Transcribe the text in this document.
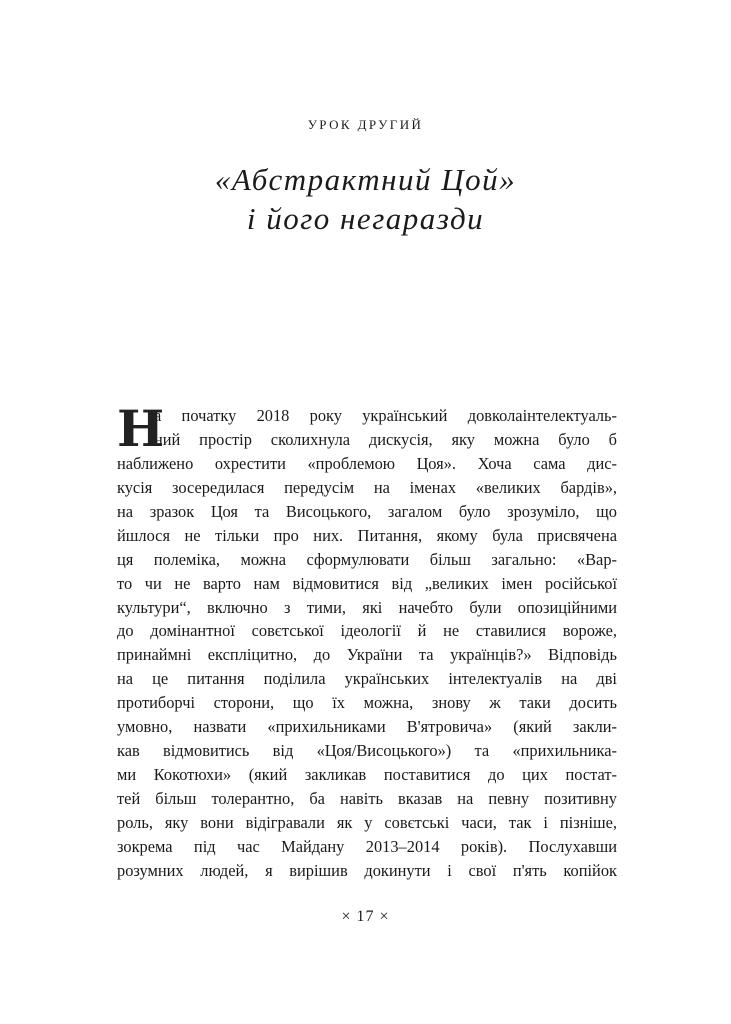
УРОК ДРУГИЙ
«Абстрактний Цой»
і його негаразди
Н
а початку 2018 року український довколаінтелектуаль-
ний простір сколихнула дискусія, яку можна було б
наближено охрестити «проблемою Цоя». Хоча сама дис-
кусія зосередилася передусім на іменах «великих бардів»,
на зразок Цоя та Висоцького, загалом було зрозуміло, що
йшлося не тільки про них. Питання, якому була присвячена
ця полеміка, можна сформулювати більш загально: «Вар-
то чи не варто нам відмовитися від „великих імен російської
культури“, включно з тими, які начебто були опозиційними
до домінантної совєтської ідеології й не ставилися вороже,
принаймні експліцитно, до України та українців?» Відповідь
на це питання поділила українських інтелектуалів на дві
протиборчі сторони, що їх можна, знову ж таки досить
умовно, назвати «прихильниками В'ятровича» (який закли-
кав відмовитись від «Цоя/Висоцького») та «прихильника-
ми Кокотюхи» (який закликав поставитися до цих постат-
тей більш толерантно, ба навіть вказав на певну позитивну
роль, яку вони відігравали як у совєтські часи, так і пізніше,
зокрема під час Майдану 2013–2014 років). Послухавши
розумних людей, я вирішив докинути і свої п'ять копійок
× 17 ×
